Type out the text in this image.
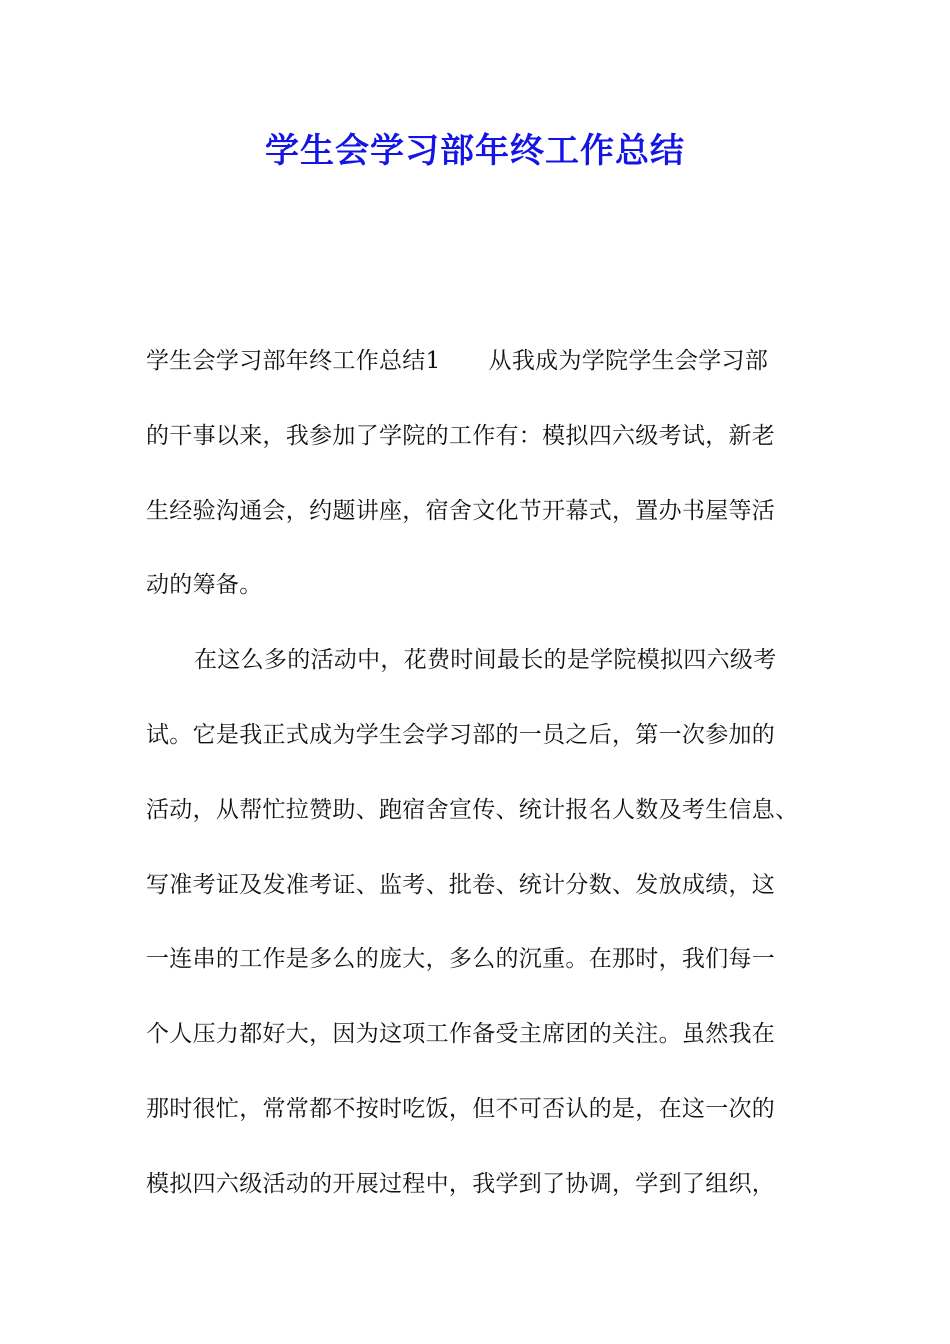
学生会学习部年终工作总结
学生会学习部年终工作总结1 从我成为学院学生会学习部
的干事以来，我参加了学院的工作有：模拟四六级考试，新老
生经验沟通会，约题讲座，宿舍文化节开幕式，置办书屋等活
动的筹备。
在这么多的活动中，花费时间最长的是学院模拟四六级考
试。它是我正式成为学生会学习部的一员之后，第一次参加的
活动，从帮忙拉赞助、跑宿舍宣传、统计报名人数及考生信息、
写准考证及发准考证、监考、批卷、统计分数、发放成绩，这
一连串的工作是多么的庞大，多么的沉重。在那时，我们每一
个人压力都好大，因为这项工作备受主席团的关注。虽然我在
那时很忙，常常都不按时吃饭，但不可否认的是，在这一次的
模拟四六级活动的开展过程中，我学到了协调，学到了组织，
